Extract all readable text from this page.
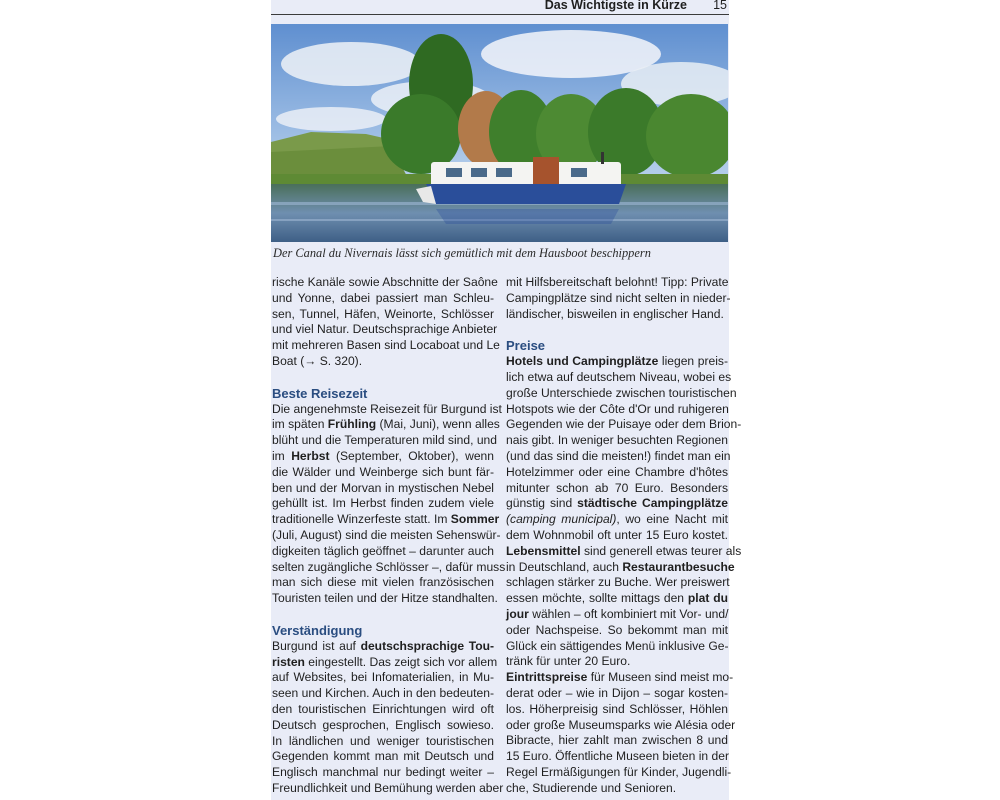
Das Wichtigste in Kürze 15
Der Canal du Nivernais lässt sich gemütlich mit dem Hausboot beschippern
rische Kanäle sowie Abschnitte der Saône
und Yonne, dabei passiert man Schleu-
sen, Tunnel, Häfen, Weinorte, Schlösser
und viel Natur. Deutschsprachige Anbieter
mit mehreren Basen sind Locaboat und Le
Boat (→ S. 320).
Beste Reisezeit
Die angenehmste Reisezeit für Burgund ist
im späten Frühling (Mai, Juni), wenn alles
blüht und die Temperaturen mild sind, und
im Herbst (September, Oktober), wenn
die Wälder und Weinberge sich bunt fär-
ben und der Morvan in mystischen Nebel
gehüllt ist. Im Herbst finden zudem viele
traditionelle Winzerfeste statt. Im Sommer
(Juli, August) sind die meisten Sehenswür-
digkeiten täglich geöffnet – darunter auch
selten zugängliche Schlösser –, dafür muss
man sich diese mit vielen französischen
Touristen teilen und der Hitze standhalten.
Verständigung
Burgund ist auf deutschsprachige Tou-
risten eingestellt. Das zeigt sich vor allem
auf Websites, bei Infomaterialien, in Mu-
seen und Kirchen. Auch in den bedeuten-
den touristischen Einrichtungen wird oft
Deutsch gesprochen, Englisch sowieso.
In ländlichen und weniger touristischen
Gegenden kommt man mit Deutsch und
Englisch manchmal nur bedingt weiter –
Freundlichkeit und Bemühung werden aber
mit Hilfsbereitschaft belohnt! Tipp: Private
Campingplätze sind nicht selten in nieder-
ländischer, bisweilen in englischer Hand.
Preise
Hotels und Campingplätze liegen preis-
lich etwa auf deutschem Niveau, wobei es
große Unterschiede zwischen touristischen
Hotspots wie der Côte d'Or und ruhigeren
Gegenden wie der Puisaye oder dem Brion-
nais gibt. In weniger besuchten Regionen
(und das sind die meisten!) findet man ein
Hotelzimmer oder eine Chambre d'hôtes
mitunter schon ab 70 Euro. Besonders
günstig sind städtische Campingplätze
(camping municipal), wo eine Nacht mit
dem Wohnmobil oft unter 15 Euro kostet.
Lebensmittel sind generell etwas teurer als
in Deutschland, auch Restaurantbesuche
schlagen stärker zu Buche. Wer preiswert
essen möchte, sollte mittags den plat du
jour wählen – oft kombiniert mit Vor- und/
oder Nachspeise. So bekommt man mit
Glück ein sättigendes Menü inklusive Ge-
tränk für unter 20 Euro.
Eintrittspreise für Museen sind meist mo-
derat oder – wie in Dijon – sogar kosten-
los. Höherpreisig sind Schlösser, Höhlen
oder große Museumsparks wie Alésia oder
Bibracte, hier zahlt man zwischen 8 und
15 Euro. Öffentliche Museen bieten in der
Regel Ermäßigungen für Kinder, Jugendli-
che, Studierende und Senioren.
